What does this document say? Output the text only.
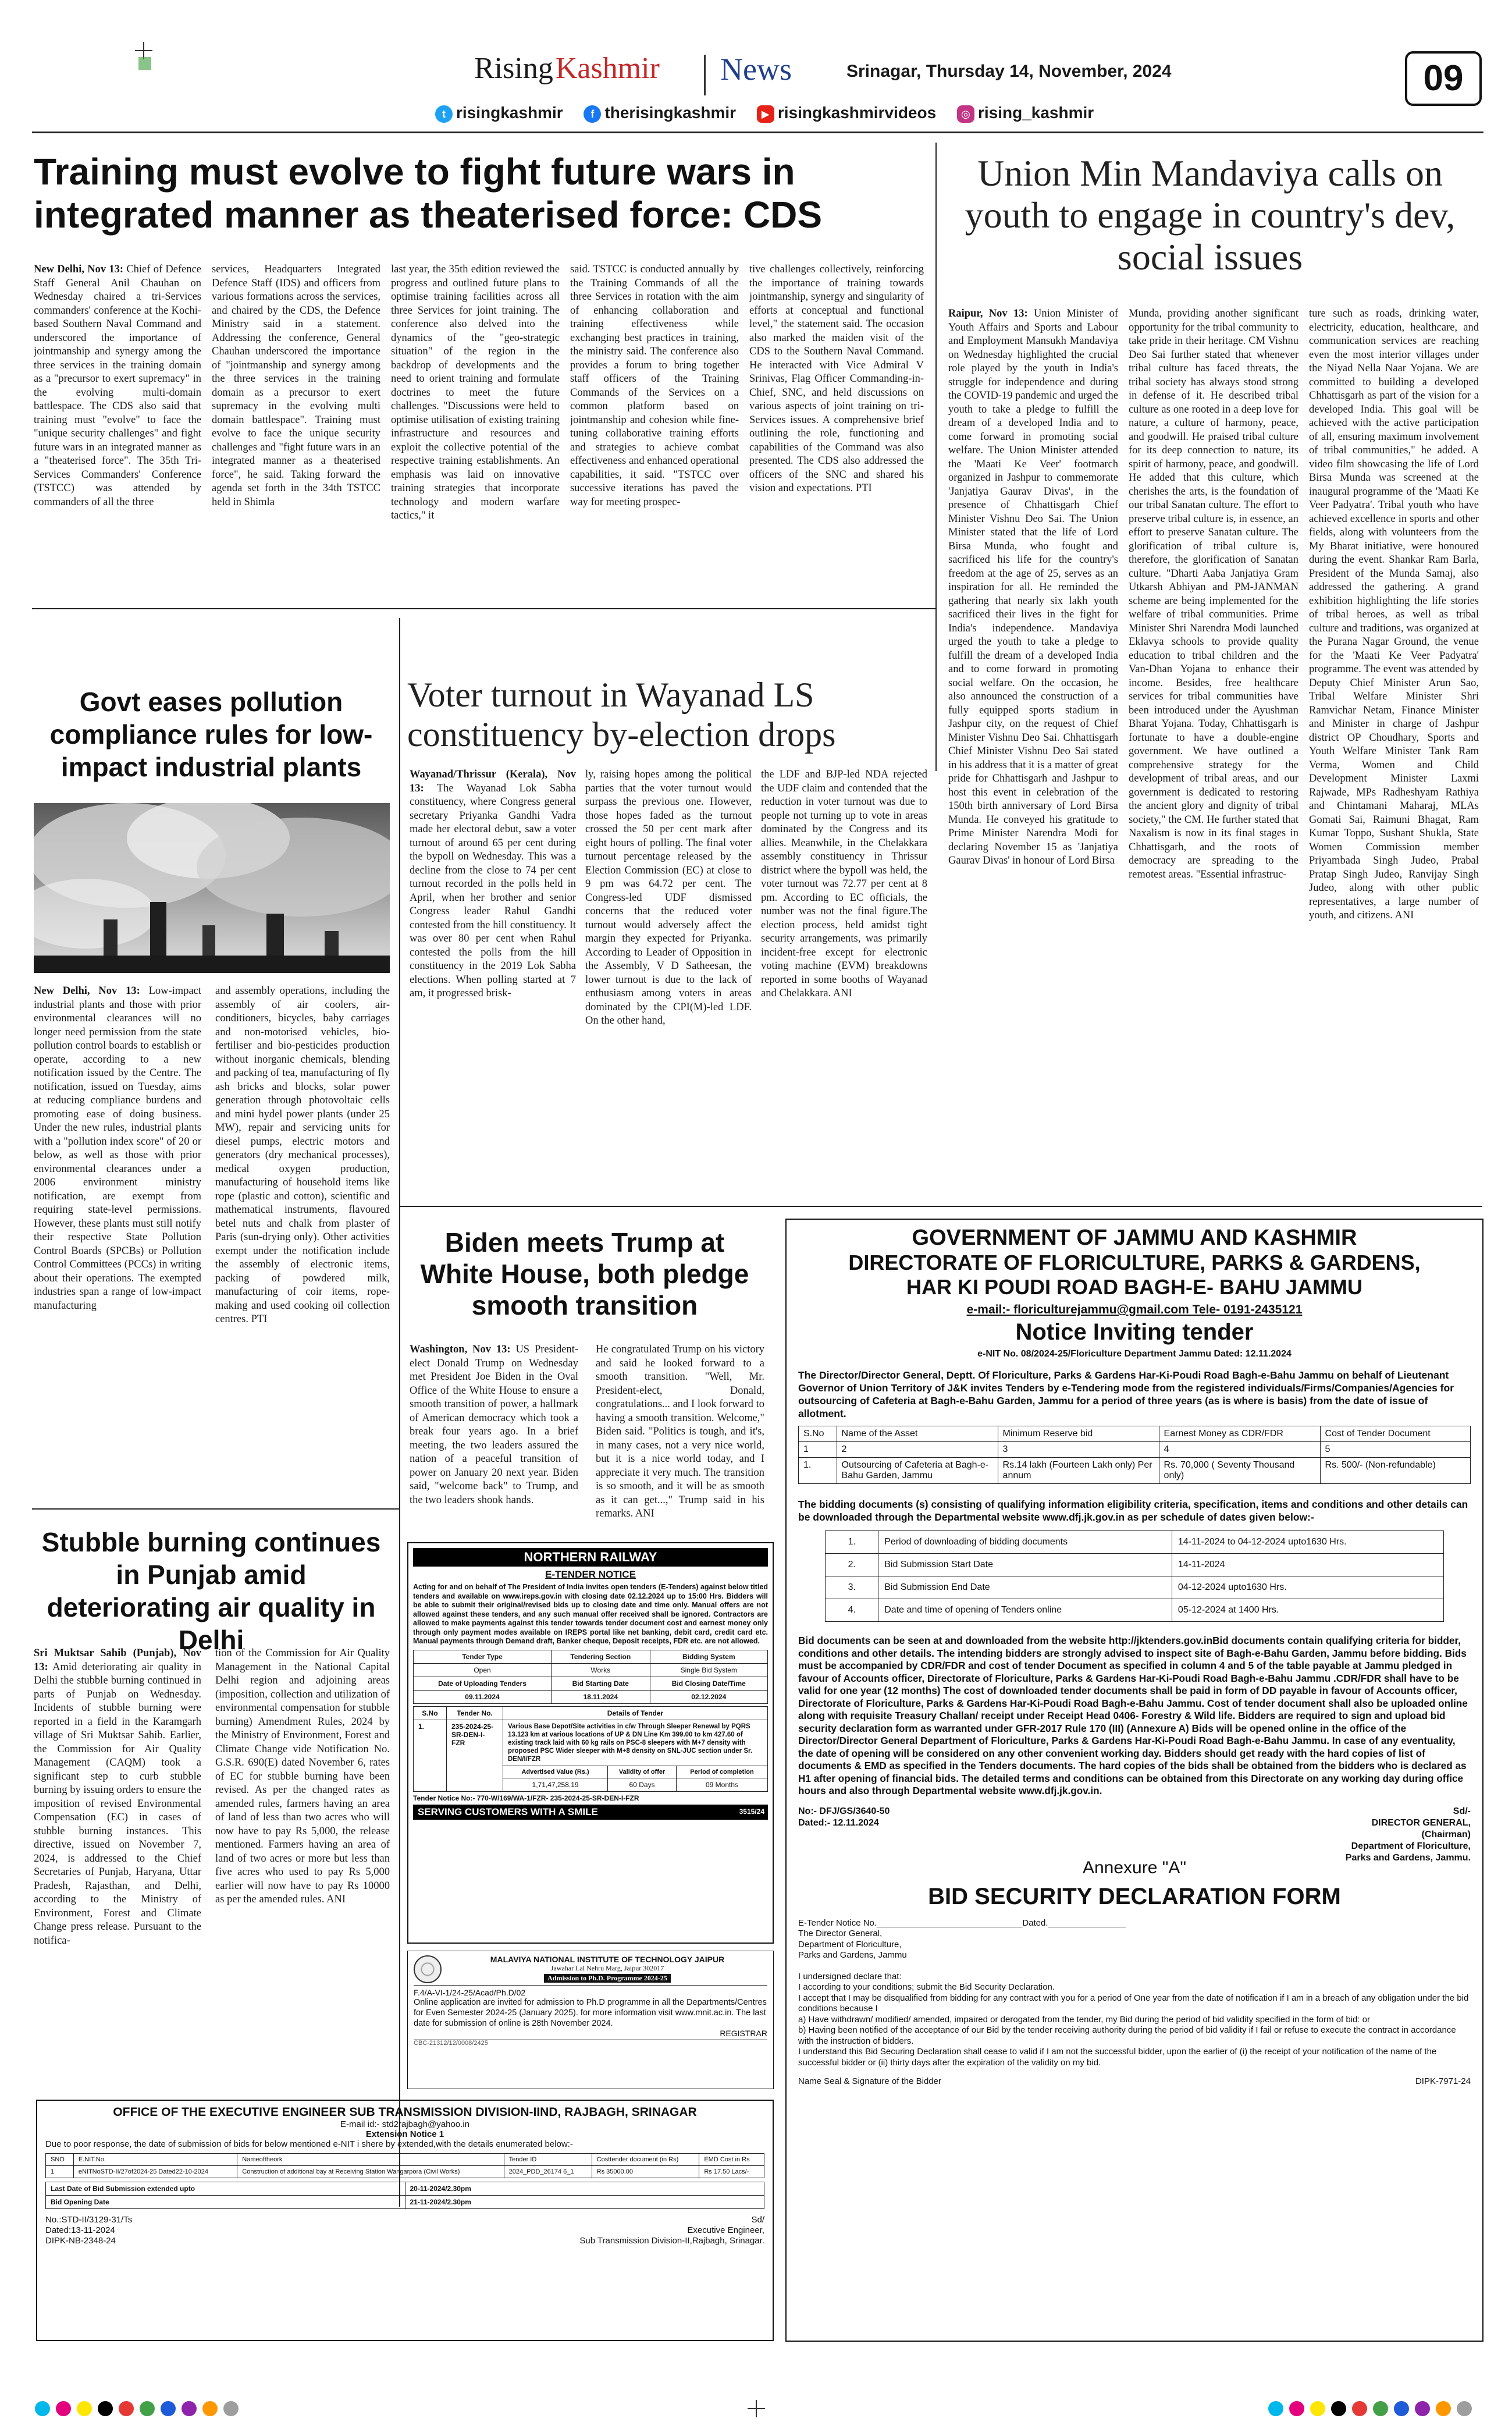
Rising Kashmir News	Srinagar, Thursday 14, November, 2024	09
t risingkashmir	f therisingkashmir ▶ risingkashmirvideos ◎ rising_kashmir
Training must evolve to fight future wars in integrated manner as theaterised force: CDS

New Delhi, Nov 13: Chief of Defence Staff General Anil Chauhan on Wednesday chaired a tri-Services commanders' conference at the Kochi-based Southern Naval Command and underscored the importance of jointmanship and synergy among the three services in the training domain as a "precursor to exert supremacy" in the evolving multi-domain battlespace. The CDS also said that training must "evolve" to face the "unique security challenges" and fight future wars in an integrated manner as a "theaterised force". The 35th Tri-Services Commanders' Conference (TSTCC) was attended by commanders of all the three

services, Headquarters Integrated Defence Staff (IDS) and officers from various formations across the services, and chaired by the CDS, the Defence Ministry said in a statement. Addressing the conference, General Chauhan underscored the importance of "jointmanship and synergy among the three services in the training domain as a precursor to exert supremacy in the evolving multi domain battlespace". Training must evolve to face the unique security challenges and "fight future wars in an integrated manner as a theaterised force", he said. Taking forward the agenda set forth in the 34th TSTCC held in Shimla

last year, the 35th edition reviewed the progress and outlined future plans to optimise training facilities across all three Services for joint training. The conference also delved into the dynamics of the "geo-strategic situation" of the region in the backdrop of developments and the need to orient training and formulate doctrines to meet the future challenges. "Discussions were held to optimise utilisation of existing training infrastructure and resources and exploit the collective potential of the respective training establishments. An emphasis was laid on innovative training strategies that incorporate technology and modern warfare tactics," it

said. TSTCC is conducted annually by the Training Commands of all the three Services in rotation with the aim of enhancing collaboration and training effectiveness while exchanging best practices in training, the ministry said. The conference also provides a forum to bring together staff officers of the Training Commands of the Services on a common platform based on jointmanship and cohesion while fine-tuning collaborative training efforts and strategies to achieve combat effectiveness and enhanced operational capabilities, it said. "TSTCC over successive iterations has paved the way for meeting prospec-

tive challenges collectively, reinforcing the importance of training towards jointmanship, synergy and singularity of efforts at conceptual and functional level," the statement said. The occasion also marked the maiden visit of the CDS to the Southern Naval Command. He interacted with Vice Admiral V Srinivas, Flag Officer Commanding-in-Chief, SNC, and held discussions on various aspects of joint training on tri-Services issues. A comprehensive brief outlining the role, functioning and capabilities of the Command was also presented. The CDS also addressed the officers of the SNC and shared his vision and expectations. PTI

Union Min Mandaviya calls on youth to engage in country's dev, social issues

Raipur, Nov 13: Union Minister of Youth Affairs and Sports and Labour and Employment Mansukh Mandaviya on Wednesday highlighted the crucial role played by the youth in India's struggle for independence and during the COVID-19 pandemic and urged the youth to take a pledge to fulfill the dream of a developed India and to come forward in promoting social welfare. The Union Minister attended the 'Maati Ke Veer' footmarch organized in Jashpur to commemorate 'Janjatiya Gaurav Divas', in the presence of Chhattisgarh Chief Minister Vishnu Deo Sai. The Union Minister stated that the life of Lord Birsa Munda, who fought and sacrificed his life for the country's freedom at the age of 25, serves as an inspiration for all. He reminded the gathering that nearly six lakh youth sacrificed their lives in the fight for India's independence. Mandaviya urged the youth to take a pledge to fulfill the dream of a developed India and to come forward in promoting social welfare. On the occasion, he also announced the construction of a fully equipped sports stadium in Jashpur city, on the request of Chief Minister Vishnu Deo Sai. Chhattisgarh Chief Minister Vishnu Deo Sai stated in his address that it is a matter of great pride for Chhattisgarh and Jashpur to host this event in celebration of the 150th birth anniversary of Lord Birsa Munda. He conveyed his gratitude to Prime Minister Narendra Modi for declaring November 15 as 'Janjatiya Gaurav Divas' in honour of Lord Birsa

Munda, providing another significant opportunity for the tribal community to take pride in their heritage. CM Vishnu Deo Sai further stated that whenever tribal culture has faced threats, the tribal society has always stood strong in defense of it. He described tribal culture as one rooted in a deep love for nature, a culture of harmony, peace, and goodwill. He praised tribal culture for its deep connection to nature, its spirit of harmony, peace, and goodwill. He added that this culture, which cherishes the arts, is the foundation of our tribal Sanatan culture. The effort to preserve tribal culture is, in essence, an effort to preserve Sanatan culture. The glorification of tribal culture is, therefore, the glorification of Sanatan culture. "Dharti Aaba Janjatiya Gram Utkarsh Abhiyan and PM-JANMAN scheme are being implemented for the welfare of tribal communities. Prime Minister Shri Narendra Modi launched Eklavya schools to provide quality education to tribal children and the Van-Dhan Yojana to enhance their income. Besides, free healthcare services for tribal communities have been introduced under the Ayushman Bharat Yojana. Today, Chhattisgarh is fortunate to have a double-engine government. We have outlined a comprehensive strategy for the development of tribal areas, and our government is dedicated to restoring the ancient glory and dignity of tribal society," the CM. He further stated that Naxalism is now in its final stages in Chhattisgarh, and the roots of democracy are spreading to the remotest areas. "Essential infrastruc-

ture such as roads, drinking water, electricity, education, healthcare, and communication services are reaching even the most interior villages under the Niyad Nella Naar Yojana. We are committed to building a developed Chhattisgarh as part of the vision for a developed India. This goal will be achieved with the active participation of all, ensuring maximum involvement of tribal communities," he added. A video film showcasing the life of Lord Birsa Munda was screened at the inaugural programme of the 'Maati Ke Veer Padyatra'. Tribal youth who have achieved excellence in sports and other fields, along with volunteers from the My Bharat initiative, were honoured during the event. Shankar Ram Barla, President of the Munda Samaj, also addressed the gathering. A grand exhibition highlighting the life stories of tribal heroes, as well as tribal culture and traditions, was organized at the Purana Nagar Ground, the venue for the 'Maati Ke Veer Padyatra' programme. The event was attended by Deputy Chief Minister Arun Sao, Tribal Welfare Minister Shri Ramvichar Netam, Finance Minister and Minister in charge of Jashpur district OP Choudhary, Sports and Youth Welfare Minister Tank Ram Verma, Women and Child Development Minister Laxmi Rajwade, MPs Radheshyam Rathiya and Chintamani Maharaj, MLAs Gomati Sai, Raimuni Bhagat, Ram Kumar Toppo, Sushant Shukla, State Women Commission member Priyambada Singh Judeo, Prabal Pratap Singh Judeo, Ranvijay Singh Judeo, along with other public representatives, a large number of youth, and citizens. ANI

Govt eases pollution compliance rules for low-impact industrial plants

New Delhi, Nov 13: Low-impact industrial plants and those with prior environmental clearances will no longer need permission from the state pollution control boards to establish or operate, according to a new notification issued by the Centre. The notification, issued on Tuesday, aims at reducing compliance burdens and promoting ease of doing business. Under the new rules, industrial plants with a "pollution index score" of 20 or below, as well as those with prior environmental clearances under a 2006 environment ministry notification, are exempt from requiring state-level permissions. However, these plants must still notify their respective State Pollution Control Boards (SPCBs) or Pollution Control Committees (PCCs) in writing about their operations. The exempted industries span a range of low-impact manufacturing

and assembly operations, including the assembly of air coolers, air-conditioners, bicycles, baby carriages and non-motorised vehicles, bio-fertiliser and bio-pesticides production without inorganic chemicals, blending and packing of tea, manufacturing of fly ash bricks and blocks, solar power generation through photovoltaic cells and mini hydel power plants (under 25 MW), repair and servicing units for diesel pumps, electric motors and generators (dry mechanical processes), medical oxygen production, manufacturing of household items like rope (plastic and cotton), scientific and mathematical instruments, flavoured betel nuts and chalk from plaster of Paris (sun-drying only). Other activities exempt under the notification include the assembly of electronic items, packing of powdered milk, manufacturing of coir items, rope-making and used cooking oil collection centres. PTI

Voter turnout in Wayanad LS constituency by-election drops

Wayanad/Thrissur (Kerala), Nov 13: The Wayanad Lok Sabha constituency, where Congress general secretary Priyanka Gandhi Vadra made her electoral debut, saw a voter turnout of around 65 per cent during the bypoll on Wednesday. This was a decline from the close to 74 per cent turnout recorded in the polls held in April, when her brother and senior Congress leader Rahul Gandhi contested from the hill constituency. It was over 80 per cent when Rahul contested the polls from the hill constituency in the 2019 Lok Sabha elections. When polling started at 7 am, it progressed brisk-

ly, raising hopes among the political parties that the voter turnout would surpass the previous one. However, those hopes faded as the turnout crossed the 50 per cent mark after eight hours of polling. The final voter turnout percentage released by the Election Commission (EC) at close to 9 pm was 64.72 per cent. The Congress-led UDF dismissed concerns that the reduced voter turnout would adversely affect the margin they expected for Priyanka. According to Leader of Opposition in the Assembly, V D Satheesan, the lower turnout is due to the lack of enthusiasm among voters in areas dominated by the CPI(M)-led LDF. On the other hand,

the LDF and BJP-led NDA rejected the UDF claim and contended that the reduction in voter turnout was due to people not turning up to vote in areas dominated by the Congress and its allies. Meanwhile, in the Chelakkara assembly constituency in Thrissur district where the bypoll was held, the voter turnout was 72.77 per cent at 8 pm. According to EC officials, the number was not the final figure.The election process, held amidst tight security arrangements, was primarily incident-free except for electronic voting machine (EVM) breakdowns reported in some booths of Wayanad and Chelakkara. ANI

Biden meets Trump at White House, both pledge smooth transition

Washington, Nov 13: US President-elect Donald Trump on Wednesday met President Joe Biden in the Oval Office of the White House to ensure a smooth transition of power, a hallmark of American democracy which took a break four years ago. In a brief meeting, the two leaders assured the nation of a peaceful transition of power on January 20 next year. Biden said, "welcome back" to Trump, and the two leaders shook hands.

He congratulated Trump on his victory and said he looked forward to a smooth transition. "Well, Mr. President-elect, Donald, congratulations... and I look forward to having a smooth transition. Welcome," Biden said. "Politics is tough, and it's, in many cases, not a very nice world, but it is a nice world today, and I appreciate it very much. The transition is so smooth, and it will be as smooth as it can get...," Trump said in his remarks. ANI

Stubble burning continues in Punjab amid deteriorating air quality in Delhi

Sri Muktsar Sahib (Punjab), Nov 13: Amid deteriorating air quality in Delhi the stubble burning continued in parts of Punjab on Wednesday. Incidents of stubble burning were reported in a field in the Karamgarh village of Sri Muktsar Sahib. Earlier, the Commission for Air Quality Management (CAQM) took a significant step to curb stubble burning by issuing orders to ensure the imposition of revised Environmental Compensation (EC) in cases of stubble burning instances. This directive, issued on November 7, 2024, is addressed to the Chief Secretaries of Punjab, Haryana, Uttar Pradesh, Rajasthan, and Delhi, according to the Ministry of Environment, Forest and Climate Change press release. Pursuant to the notifica-

tion of the Commission for Air Quality Management in the National Capital Delhi region and adjoining areas (imposition, collection and utilization of environmental compensation for stubble burning) Amendment Rules, 2024 by the Ministry of Environment, Forest and Climate Change vide Notification No. G.S.R. 690(E) dated November 6, rates of EC for stubble burning have been revised. As per the changed rates as amended rules, farmers having an area of land of less than two acres who will now have to pay Rs 5,000, the release mentioned. Farmers having an area of land of two acres or more but less than five acres who used to pay Rs 5,000 earlier will now have to pay Rs 10000 as per the amended rules. ANI

NORTHERN RAILWAY
E-TENDER NOTICE
Acting for and on behalf of The President of India invites open tenders (E-Tenders) against below titled tenders and available on www.ireps.gov.in with closing date 02.12.2024 up to 15:00 Hrs. Bidders will be able to submit their original/revised bids up to closing date and time only. Manual offers are not allowed against these tenders, and any such manual offer received shall be ignored. Contractors are allowed to make payments against this tender towards tender document cost and earnest money only through only payment modes available on IREPS portal like net banking, debit card, credit card etc. Manual payments through Demand draft, Banker cheque, Deposit receipts, FDR etc. are not allowed.
Tender Type	Tendering Section	Bidding System
Open	Works	Single Bid System
Date of Uploading Tenders	Bid Starting Date	Bid Closing Date/Time
09.11.2024	18.11.2024	02.12.2024
S.No	Tender No.	Details of Tender		
1.	235-2024-25-SR-DEN-I-FZR	Various Base Depot/Site activities in c/w Through Sleeper Renewal by PQRS 13.123 km at various locations of UP & DN Line Km 399.00 to km 427.60 of existing track laid with 60 kg rails on PSC-8 sleepers with M+7 density with proposed PSC Wider sleeper with M+8 density on SNL-JUC section under Sr. DEN/I/FZR		
		Advertised Value (Rs.)	Validity of offer	Period of completion
		1,71,47,258.19	60 Days	09 Months
Tender Notice No:- 770-W/169/WA-1/FZR- 235-2024-25-SR-DEN-I-FZR
SERVING CUSTOMERS WITH A SMILE	3515/24
MALAVIYA NATIONAL INSTITUTE OF TECHNOLOGY JAIPUR
Jawahar Lal Nehru Marg, Jaipur 302017
Admission to Ph.D. Programme 2024-25
F.4/A-VI-1/24-25/Acad/Ph.D/02
Online application are invited for admission to Ph.D programme in all the Departments/Centres for Even Semester 2024-25 (January 2025). for more information visit www.mnit.ac.in. The last date for submission of online is 28th November 2024.
REGISTRAR
CBC-21312/12/0008/2425
OFFICE OF THE EXECUTIVE ENGINEER SUB TRANSMISSION DIVISION-IIND, RAJBAGH, SRINAGAR
E-mail id:- std2rajbagh@yahoo.in
Extension Notice 1
Due to poor response, the date of submission of bids for below mentioned e-NIT i shere by extended,with the details enumerated below:-
SNO	E.NIT.No.	Nameoftheork	Tender ID	Costtender document (in Rs)	EMD Cost in Rs
1	eNITNoSTD-II/27of2024-25 Dated22-10-2024	Construction of additional bay at Receiving Station Wangarpora (Civil Works)	2024_PDD_26174 6_1	Rs 35000.00	Rs 17.50 Lacs/-
Last Date of Bid Submission extended upto	20-11-2024/2.30pm
Bid Opening Date	21-11-2024/2.30pm
No.:STD-II/3129-31/Ts
Dated:13-11-2024
DIPK-NB-2348-24
Sd/
Executive Engineer,
Sub Transmission Division-II,Rajbagh, Srinagar.
GOVERNMENT OF JAMMU AND KASHMIR
DIRECTORATE OF FLORICULTURE, PARKS & GARDENS,
HAR KI POUDI ROAD BAGH-E- BAHU JAMMU
e-mail:- floriculturejammu@gmail.com Tele- 0191-2435121
Notice Inviting tender
e-NIT No. 08/2024-25/Floriculture Department Jammu Dated: 12.11.2024
The Director/Director General, Deptt. Of Floriculture, Parks & Gardens Har-Ki-Poudi Road Bagh-e-Bahu Jammu on behalf of Lieutenant Governor of Union Territory of J&K invites Tenders by e-Tendering mode from the registered individuals/Firms/Companies/Agencies for outsourcing of Cafeteria at Bagh-e-Bahu Garden, Jammu for a period of three years (as is where is basis) from the date of issue of allotment.
S.No	Name of the Asset	Minimum Reserve bid	Earnest Money as CDR/FDR	Cost of Tender Document
1	2	3	4	5
1.	Outsourcing of Cafeteria at Bagh-e-Bahu Garden, Jammu	Rs.14 lakh (Fourteen Lakh only) Per annum	Rs. 70,000 ( Seventy Thousand only)	Rs. 500/- (Non-refundable)
The bidding documents (s) consisting of qualifying information eligibility criteria, specification, items and conditions and other details can be downloaded through the Departmental website www.dfj.jk.gov.in as per schedule of dates given below:-
1.	Period of downloading of bidding documents	14-11-2024 to 04-12-2024 upto1630 Hrs.
2.	Bid Submission Start Date	14-11-2024
3.	Bid Submission End Date	04-12-2024 upto1630 Hrs.
4.	Date and time of opening of Tenders online	05-12-2024 at 1400 Hrs.
Bid documents can be seen at and downloaded from the website http://jktenders.gov.inBid documents contain qualifying criteria for bidder, conditions and other details. The intending bidders are strongly advised to inspect site of Bagh-e-Bahu Garden, Jammu before bidding. Bids must be accompanied by CDR/FDR and cost of tender Document as specified in column 4 and 5 of the table payable at Jammu pledged in favour of Accounts officer, Directorate of Floriculture, Parks & Gardens Har-Ki-Poudi Road Bagh-e-Bahu Jammu .CDR/FDR shall have to be valid for one year (12 months) The cost of downloaded tender documents shall be paid in form of DD payable in favour of Accounts officer, Directorate of Floriculture, Parks & Gardens Har-Ki-Poudi Road Bagh-e-Bahu Jammu. Cost of tender document shall also be uploaded online along with requisite Treasury Challan/ receipt under Receipt Head 0406- Forestry & Wild life. Bidders are required to sign and upload bid security declaration form as warranted under GFR-2017 Rule 170 (III) (Annexure A) Bids will be opened online in the office of the Director/Director General Department of Floriculture, Parks & Gardens Har-Ki-Poudi Road Bagh-e-Bahu Jammu. In case of any eventuality, the date of opening will be considered on any other convenient working day. Bidders should get ready with the hard copies of list of documents & EMD as specified in the Tenders documents. The hard copies of the bids shall be obtained from the bidders who is declared as H1 after opening of financial bids. The detailed terms and conditions can be obtained from this Directorate on any working day during office hours and also through Departmental website www.dfj.jk.gov.in.
No:- DFJ/GS/3640-50
Dated:- 12.11.2024
Sd/-
DIRECTOR GENERAL,
(Chairman)
Department of Floriculture,
Parks and Gardens, Jammu.
Annexure "A"
BID SECURITY DECLARATION FORM
E-Tender Notice No.______________________________Dated.________________
The Director General,
Department of Floriculture,
Parks and Gardens, Jammu
I undersigned declare that:
I according to your conditions; submit the Bid Security Declaration.
I accept that I may be disqualified from bidding for any contract with you for a period of One year from the date of notification if I am in a breach of any obligation under the bid conditions because I
a) Have withdrawn/ modified/ amended, impaired or derogated from the tender, my Bid during the period of bid validity specified in the form of bid: or
b) Having been notified of the acceptance of our Bid by the tender receiving authority during the period of bid validity if I fail or refuse to execute the contract in accordance with the instruction of bidders.
I understand this Bid Securing Declaration shall cease to valid if I am not the successful bidder, upon the earlier of (i) the receipt of your notification of the name of the successful bidder or (ii) thirty days after the expiration of the validity on my bid.
Name Seal & Signature of the Bidder	DIPK-7971-24
